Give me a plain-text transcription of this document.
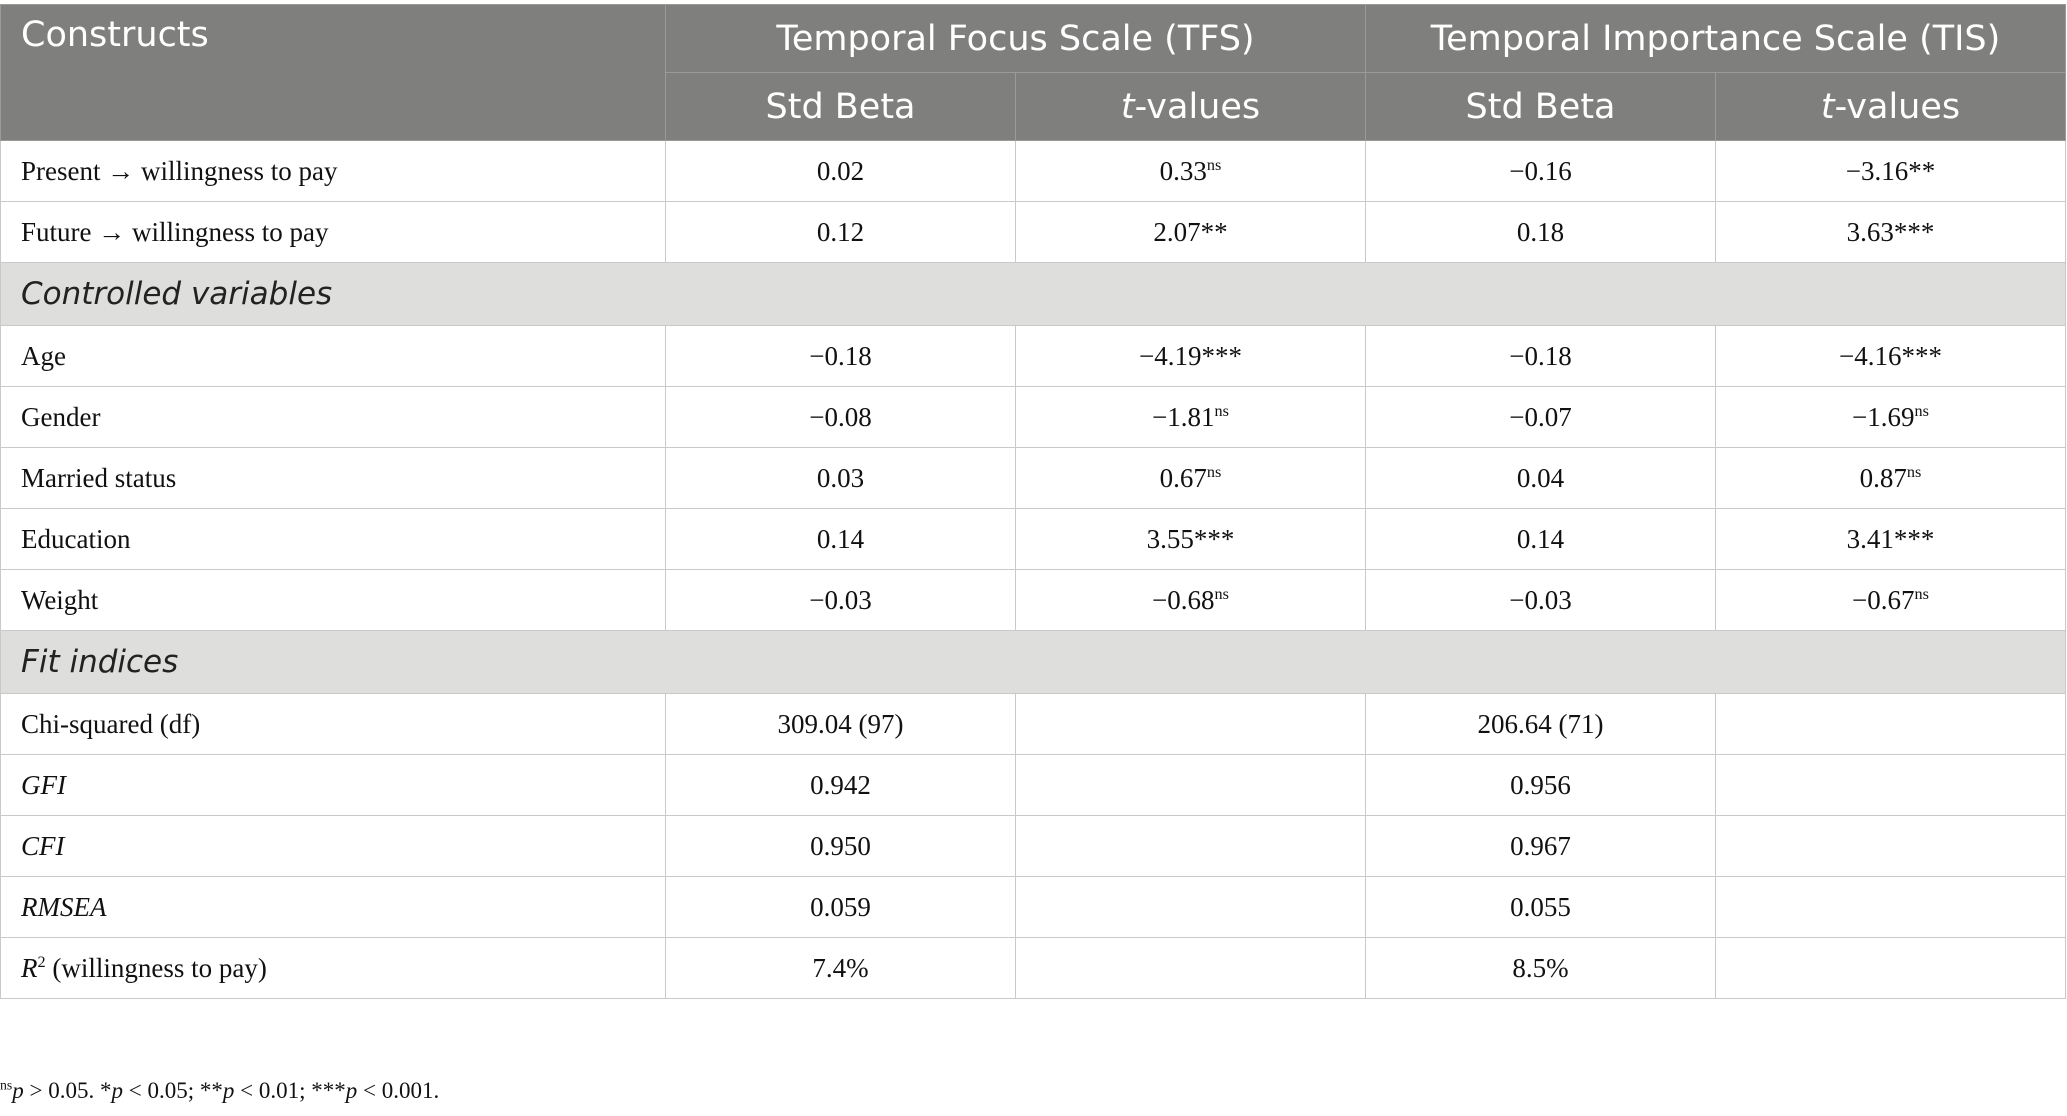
Constructs	Temporal Focus Scale (TFS)		Temporal Importance Scale (TIS)	
	Std Beta	t-values	Std Beta	t-values
Present → willingness to pay	0.02	$0.33^{ns}$	−0.16	−3.16**
Future → willingness to pay	0.12	2.07**	0.18	3.63***
Controlled variables				
Age	−0.18	−4.19***	−0.18	−4.16***
Gender	−0.08	$-1.81^{ns}$	−0.07	$-1.69^{ns}$
Married status	0.03	$0.67^{ns}$	0.04	$0.87^{ns}$
Education	0.14	3.55***	0.14	3.41***
Weight	−0.03	$-0.68^{ns}$	−0.03	$-0.67^{ns}$
Fit indices				
Chi-squared (df)	309.04 (97)		206.64 (71)	
GFI	0.942		0.956	
CFI	0.950		0.967	
RMSEA	0.059		0.055	
$R^2$ (willingness to pay)	7.4%		8.5%	
$^{ns}$p > 0.05. *p < 0.05; **p < 0.01; ***p < 0.001.
